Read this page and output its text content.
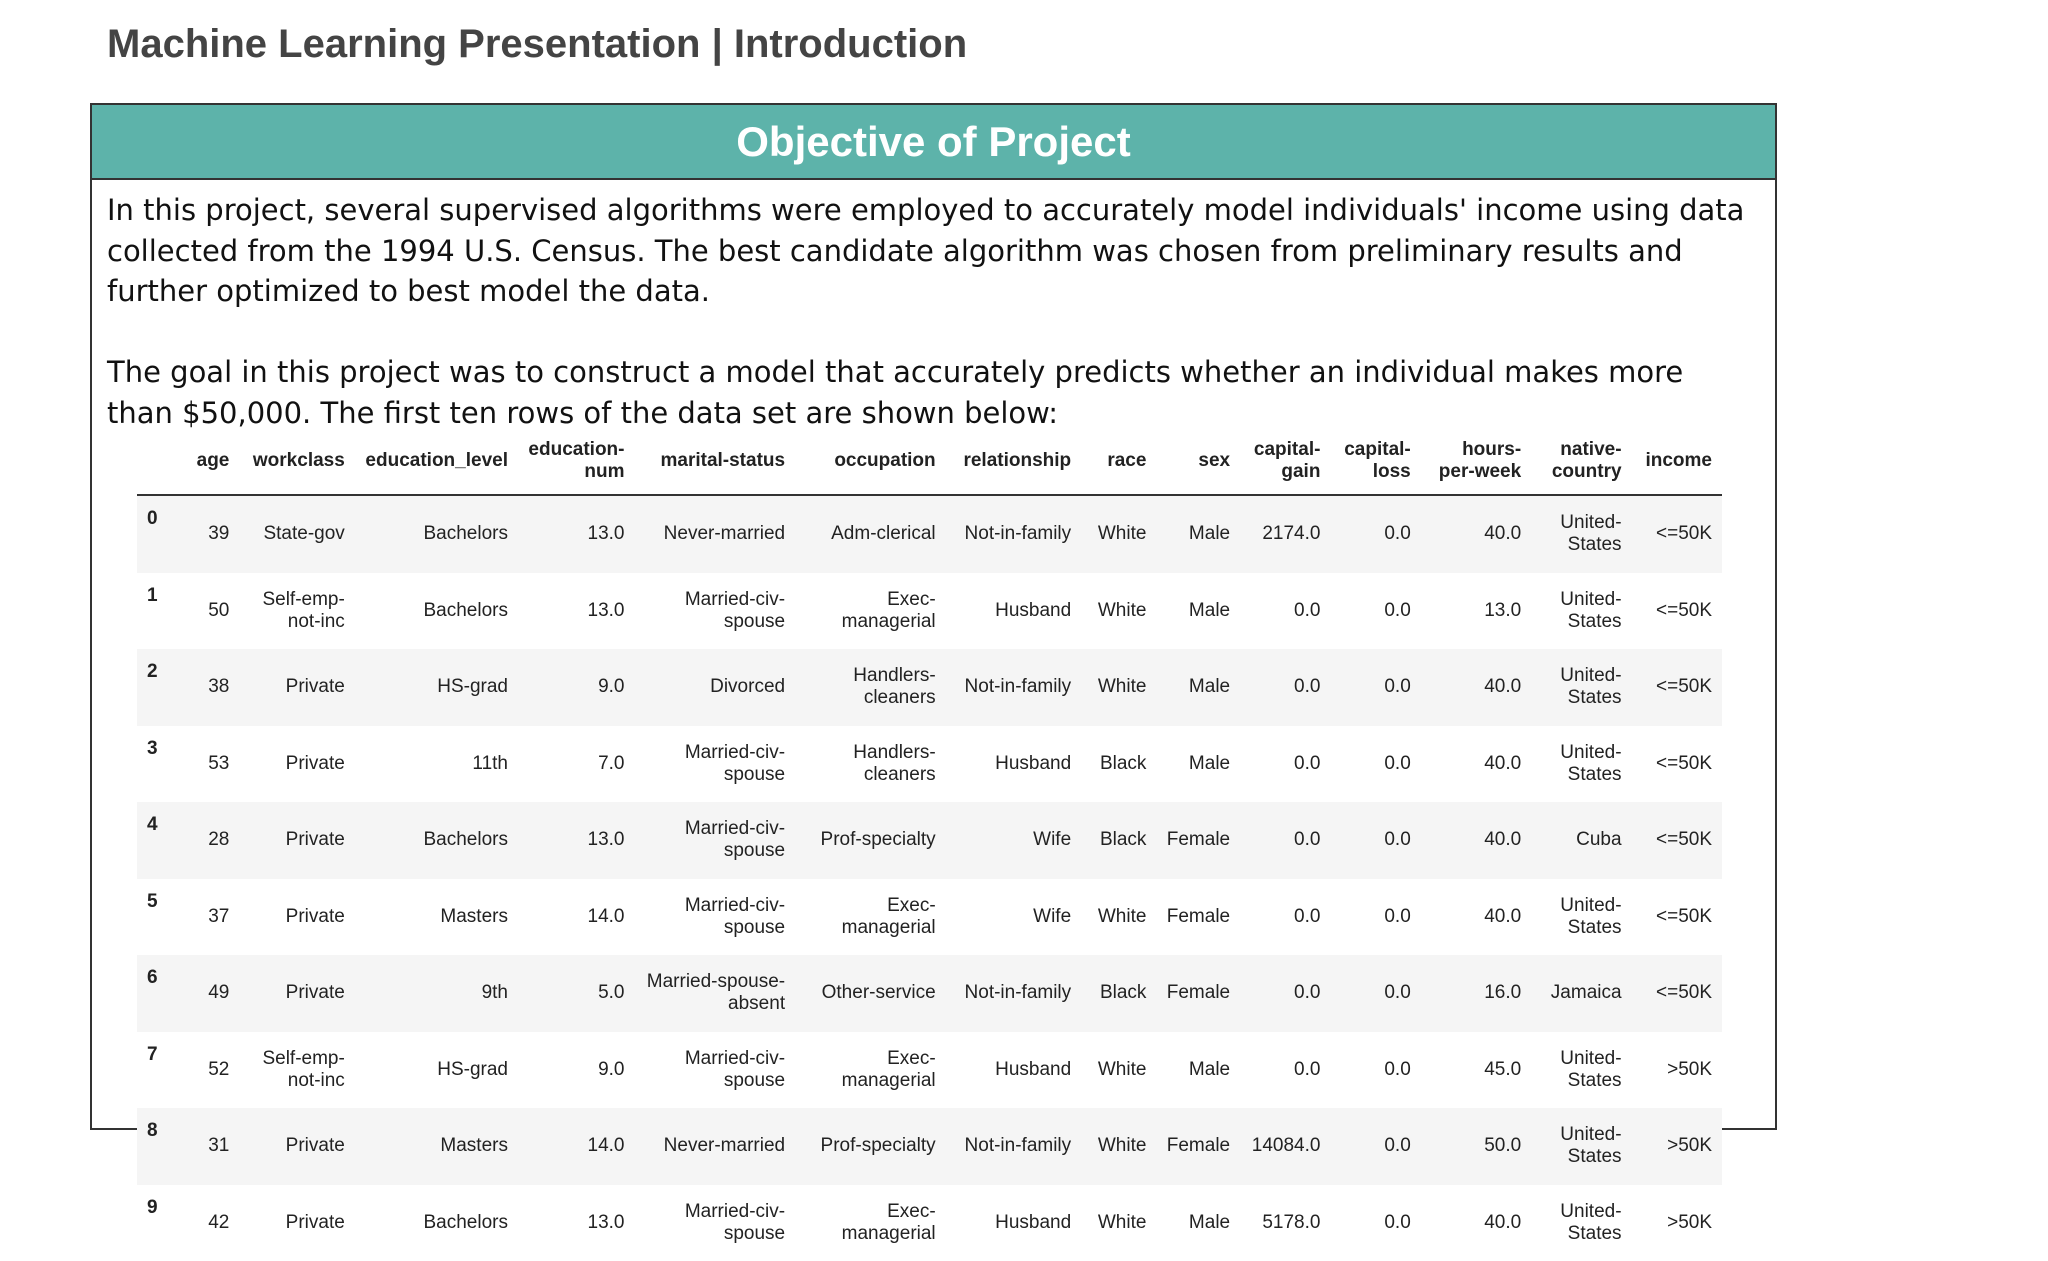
Machine Learning Presentation | Introduction
Objective of Project

In this project, several supervised algorithms were employed to accurately model individuals' income using data collected from the 1994 U.S. Census. The best candidate algorithm was chosen from preliminary results and further optimized to best model the data.

The goal in this project was to construct a model that accurately predicts whether an individual makes more than $50,000. The first ten rows of the data set are shown below:

	age	workclass	education_level	education-num	marital-status	occupation	relationship	race	sex	capital-gain	capital-loss	hours-per-week	native-country	income
0	39	State-gov	Bachelors	13.0	Never-married	Adm-clerical	Not-in-family	White	Male	2174.0	0.0	40.0	United-States	<=50K
1	50	Self-emp-not-inc	Bachelors	13.0	Married-civ-spouse	Exec-managerial	Husband	White	Male	0.0	0.0	13.0	United-States	<=50K
2	38	Private	HS-grad	9.0	Divorced	Handlers-cleaners	Not-in-family	White	Male	0.0	0.0	40.0	United-States	<=50K
3	53	Private	11th	7.0	Married-civ-spouse	Handlers-cleaners	Husband	Black	Male	0.0	0.0	40.0	United-States	<=50K
4	28	Private	Bachelors	13.0	Married-civ-spouse	Prof-specialty	Wife	Black	Female	0.0	0.0	40.0	Cuba	<=50K
5	37	Private	Masters	14.0	Married-civ-spouse	Exec-managerial	Wife	White	Female	0.0	0.0	40.0	United-States	<=50K
6	49	Private	9th	5.0	Married-spouse-absent	Other-service	Not-in-family	Black	Female	0.0	0.0	16.0	Jamaica	<=50K
7	52	Self-emp-not-inc	HS-grad	9.0	Married-civ-spouse	Exec-managerial	Husband	White	Male	0.0	0.0	45.0	United-States	>50K
8	31	Private	Masters	14.0	Never-married	Prof-specialty	Not-in-family	White	Female	14084.0	0.0	50.0	United-States	>50K
9	42	Private	Bachelors	13.0	Married-civ-spouse	Exec-managerial	Husband	White	Male	5178.0	0.0	40.0	United-States	>50K
